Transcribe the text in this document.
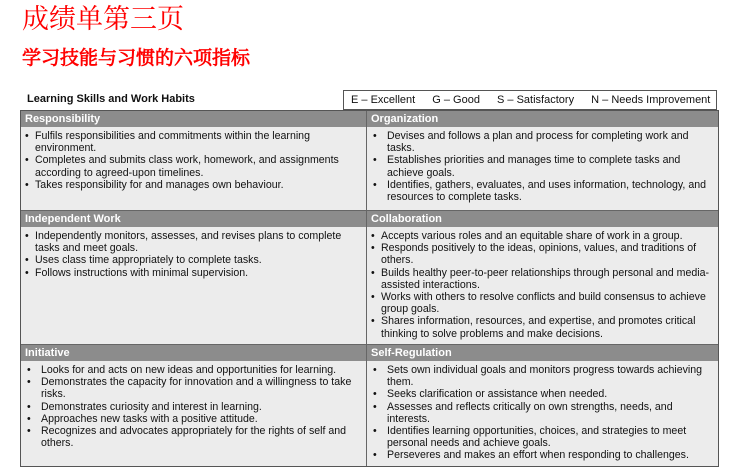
成绩单第三页
学习技能与习惯的六项指标
Learning Skills and Work Habits	E – Excellent G – Good S – Satisfactory N – Needs Improvement
Responsibility
• Fulfils responsibilities and commitments within the learning environment.
• Completes and submits class work, homework, and assignments according to agreed-upon timelines.
• Takes responsibility for and manages own behaviour.
Organization
• Devises and follows a plan and process for completing work and tasks.
• Establishes priorities and manages time to complete tasks and achieve goals.
• Identifies, gathers, evaluates, and uses information, technology, and resources to complete tasks.
Independent Work
• Independently monitors, assesses, and revises plans to complete tasks and meet goals.
• Uses class time appropriately to complete tasks.
• Follows instructions with minimal supervision.
Collaboration
• Accepts various roles and an equitable share of work in a group.
• Responds positively to the ideas, opinions, values, and traditions of others.
• Builds healthy peer-to-peer relationships through personal and media-assisted interactions.
• Works with others to resolve conflicts and build consensus to achieve group goals.
• Shares information, resources, and expertise, and promotes critical thinking to solve problems and make decisions.
Initiative
• Looks for and acts on new ideas and opportunities for learning.
• Demonstrates the capacity for innovation and a willingness to take risks.
• Demonstrates curiosity and interest in learning.
• Approaches new tasks with a positive attitude.
• Recognizes and advocates appropriately for the rights of self and others.
Self-Regulation
• Sets own individual goals and monitors progress towards achieving them.
• Seeks clarification or assistance when needed.
• Assesses and reflects critically on own strengths, needs, and interests.
• Identifies learning opportunities, choices, and strategies to meet personal needs and achieve goals.
• Perseveres and makes an effort when responding to challenges.
